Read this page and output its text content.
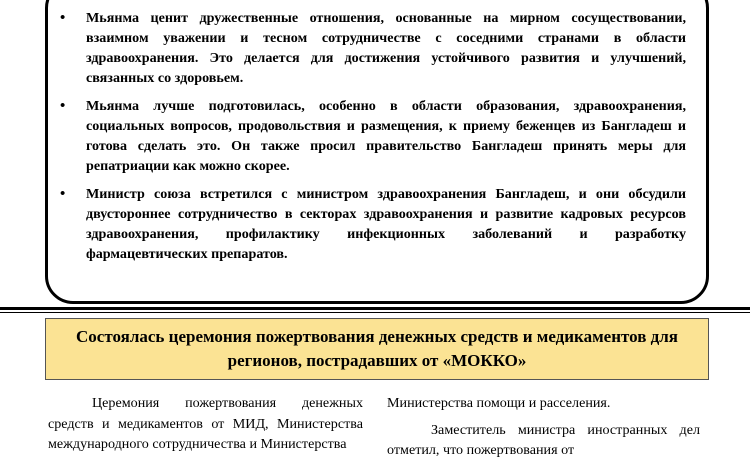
•	Мьянма ценит дружественные отношения, основанные на мирном сосуществовании, взаимном уважении и тесном сотрудничестве с соседними странами в области здравоохранения. Это делается для достижения устойчивого развития и улучшений, связанных со здоровьем.
•	Мьянма лучше подготовилась, особенно в области образования, здравоохранения, социальных вопросов, продовольствия и размещения, к приему беженцев из Бангладеш и готова сделать это. Он также просил правительство Бангладеш принять меры для репатриации как можно скорее.
•	Министр союза встретился с министром здравоохранения Бангладеш, и они обсудили двустороннее сотрудничество в секторах здравоохранения и развитие кадровых ресурсов здравоохранения, профилактику инфекционных заболеваний и разработку фармацевтических препаратов.
Состоялась церемония пожертвования денежных средств и медикаментов для регионов, пострадавших от «МОККО»

Церемония пожертвования денежных средств и медикаментов от МИД, Министерства международного сотрудничества и Министерства

Министерства помощи и расселения.

Заместитель министра иностранных дел отметил, что пожертвования от
